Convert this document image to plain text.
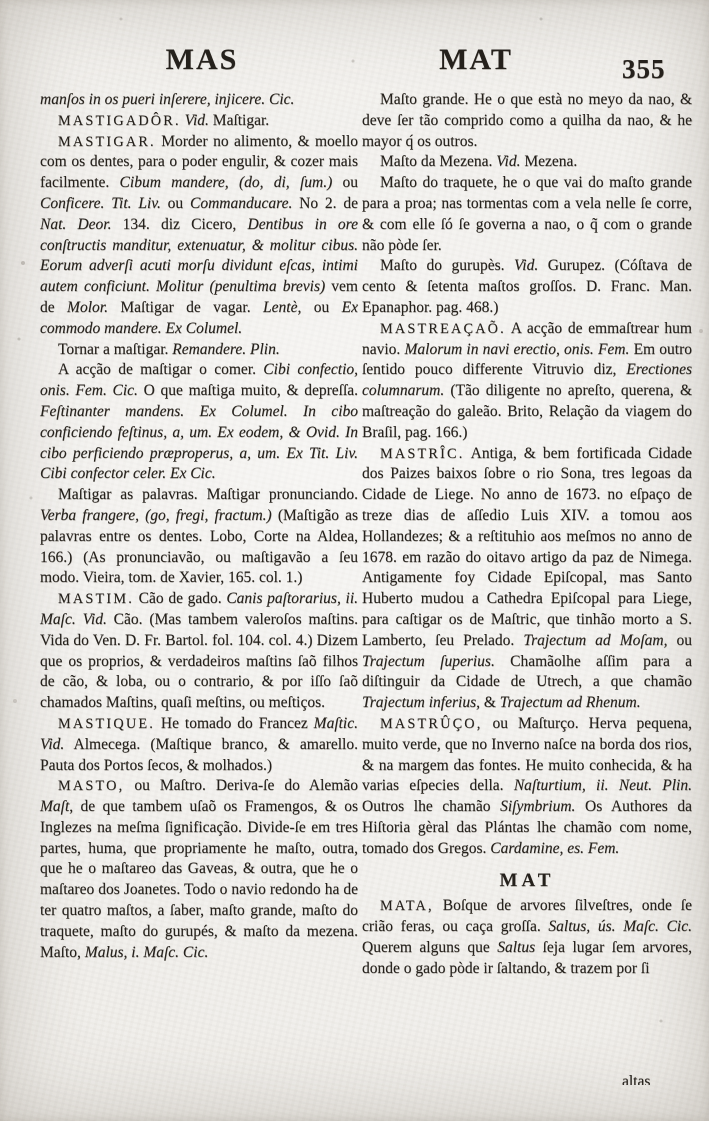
MAS	MAT	355

manſos in os pueri inſerere, injicere. Cic.

MASTIGADÔR. Vid. Maſtigar.

MASTIGAR. Morder no alimento, & moello com os dentes, para o poder engulir, & cozer mais facilmente. Cibum mandere, (do, di, ſum.) ou Conficere. Tit. Liv. ou Commanducare. No 2. de Nat. Deor. 134. diz Cicero, Dentibus in ore conſtructis manditur, extenuatur, & molitur cibus. Eorum adverſi acuti morſu dividunt eſcas, intimi autem conficiunt. Molitur (penultima brevis) vem de Molor. Maſtigar de vagar. Lentè, ou Ex commodo mandere. Ex Columel.

Tornar a maſtigar. Remandere. Plin.

A acção de maſtigar o comer. Cibi confectio, onis. Fem. Cic. O que maſtiga muito, & depreſſa. Feſtinanter mandens. Ex Columel. In cibo conficiendo feſtinus, a, um. Ex eodem, & Ovid. In cibo perficiendo præproperus, a, um. Ex Tit. Liv. Cibi confector celer. Ex Cic.

Maſtigar as palavras. Maſtigar pronunciando. Verba frangere, (go, fregi, fractum.) (Maſtigão as palavras entre os dentes. Lobo, Corte na Aldea, 166.) (As pronunciavão, ou maſtigavão a ſeu modo. Vieira, tom. de Xavier, 165. col. 1.)

MASTIM. Cão de gado. Canis paſtorarius, ii. Maſc. Vid. Cão. (Mas tambem valeroſos maſtins. Vida do Ven. D. Fr. Bartol. fol. 104. col. 4.) Dizem que os proprios, & verdadeiros maſtins ſaõ filhos de cão, & loba, ou o contrario, & por iſſo ſaõ chamados Maſtins, quaſi meſtins, ou meſtiços.

MASTIQUE. He tomado do Francez Maſtic. Vid. Almecega. (Maſtique branco, & amarello. Pauta dos Portos ſecos, & molhados.)

MASTO, ou Maſtro. Deriva-ſe do Alemão Maſt, de que tambem uſaõ os Framengos, & os Inglezes na meſma ſignificação. Divide-ſe em tres partes, huma, que propriamente he maſto, outra, que he o maſtareo das Gaveas, & outra, que he o maſtareo dos Joanetes. Todo o navio redondo ha de ter quatro maſtos, a ſaber, maſto grande, maſto do traquete, maſto do gurupés, & maſto da mezena. Maſto, Malus, i. Maſc. Cic.

Maſto grande. He o que està no meyo da nao, & deve ſer tão comprido como a quilha da nao, & he mayor q́ os outros.

Maſto da Mezena. Vid. Mezena.

Maſto do traquete, he o que vai do maſto grande para a proa; nas tormentas com a vela nelle ſe corre, & com elle ſó ſe governa a nao, o q̃ com o grande não pòde ſer.

Maſto do gurupès. Vid. Gurupez. (Cóſtava de cento & ſetenta maſtos groſſos. D. Franc. Man. Epanaphor. pag. 468.)

MASTREAÇAÕ. A acção de emmaſtrear hum navio. Malorum in navi erectio, onis. Fem. Em outro ſentido pouco differente Vitruvio diz, Erectiones columnarum. (Tão diligente no apreſto, querena, & maſtreação do galeão. Brito, Relação da viagem do Braſil, pag. 166.)

MASTRÎC. Antiga, & bem fortificada Cidade dos Paizes baixos ſobre o rio Sona, tres legoas da Cidade de Liege. No anno de 1673. no eſpaço de treze dias de aſſedio Luis XIV. a tomou aos Hollandezes; & a reſtituhio aos meſmos no anno de 1678. em razão do oitavo artigo da paz de Nimega. Antigamente foy Cidade Epiſcopal, mas Santo Huberto mudou a Cathedra Epiſcopal para Liege, para caſtigar os de Maſtric, que tinhão morto a S. Lamberto, ſeu Prelado. Trajectum ad Moſam, ou Trajectum ſuperius. Chamãolhe aſſim para a diſtinguir da Cidade de Utrech, a que chamão Trajectum inferius, & Trajectum ad Rhenum.

MASTRÛÇO, ou Maſturço. Herva pequena, muito verde, que no Inverno naſce na borda dos rios, & na margem das fontes. He muito conhecida, & ha varias eſpecies della. Naſturtium, ii. Neut. Plin. Outros lhe chamão Siſymbrium. Os Authores da Hiſtoria gèral das Plántas lhe chamão com nome, tomado dos Gregos. Cardamine, es. Fem.

MAT

MATA, Boſque de arvores ſilveſtres, onde ſe crião feras, ou caça groſſa. Saltus, ús. Maſc. Cic. Querem alguns que Saltus ſeja lugar ſem arvores, donde o gado pòde ir ſaltando, & trazem por ſi

altas
